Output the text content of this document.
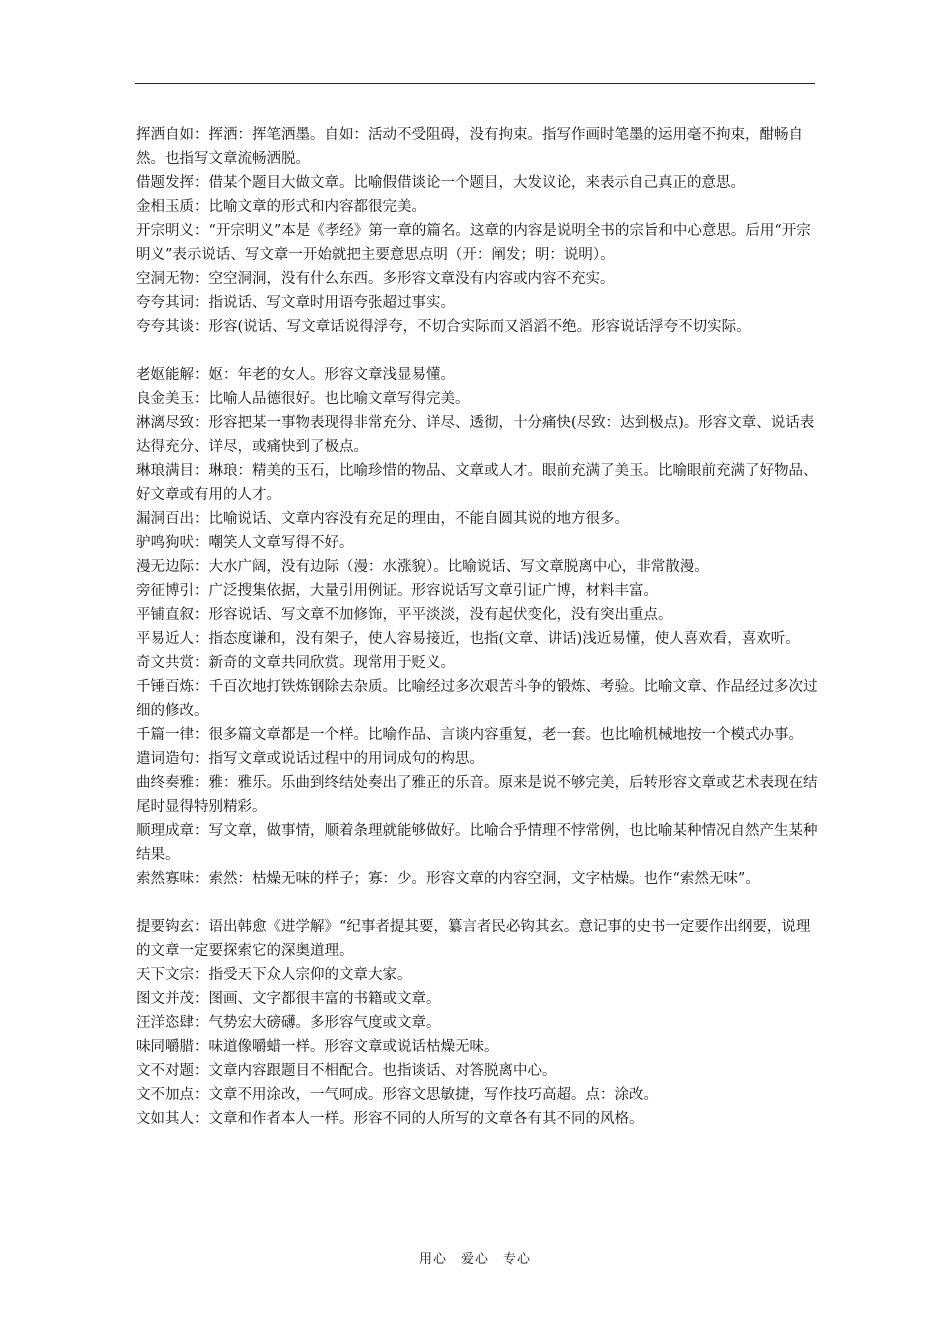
挥洒自如：挥洒：挥笔洒墨。自如：活动不受阻碍，没有拘束。指写作画时笔墨的运用毫不拘束，酣畅自然。也指写文章流畅洒脱。

借题发挥：借某个题目大做文章。比喻假借谈论一个题目，大发议论，来表示自己真正的意思。

金相玉质：比喻文章的形式和内容都很完美。

开宗明义：“开宗明义”本是《孝经》第一章的篇名。这章的内容是说明全书的宗旨和中心意思。后用“开宗明义”表示说话、写文章一开始就把主要意思点明（开：阐发；明：说明）。

空洞无物：空空洞洞，没有什么东西。多形容文章没有内容或内容不充实。

夸夸其词：指说话、写文章时用语夸张超过事实。

夸夸其谈：形容(说话、写文章话说得浮夸，不切合实际而又滔滔不绝。形容说话浮夸不切实际。

老妪能解：妪：年老的女人。形容文章浅显易懂。

良金美玉：比喻人品德很好。也比喻文章写得完美。

淋漓尽致：形容把某一事物表现得非常充分、详尽、透彻，十分痛快(尽致：达到极点)。形容文章、说话表达得充分、详尽，或痛快到了极点。

琳琅满目：琳琅：精美的玉石，比喻珍惜的物品、文章或人才。眼前充满了美玉。比喻眼前充满了好物品、好文章或有用的人才。

漏洞百出：比喻说话、文章内容没有充足的理由，不能自圆其说的地方很多。

驴鸣狗吠：嘲笑人文章写得不好。

漫无边际：大水广阔，没有边际（漫：水涨貌）。比喻说话、写文章脱离中心，非常散漫。

旁征博引：广泛搜集依据，大量引用例证。形容说话写文章引证广博，材料丰富。

平铺直叙：形容说话、写文章不加修饰，平平淡淡，没有起伏变化，没有突出重点。

平易近人：指态度谦和，没有架子，使人容易接近，也指(文章、讲话)浅近易懂，使人喜欢看，喜欢听。

奇文共赏：新奇的文章共同欣赏。现常用于贬义。

千锤百炼：千百次地打铁炼钢除去杂质。比喻经过多次艰苦斗争的锻炼、考验。比喻文章、作品经过多次过细的修改。

千篇一律：很多篇文章都是一个样。比喻作品、言谈内容重复，老一套。也比喻机械地按一个模式办事。

遣词造句：指写文章或说话过程中的用词成句的构思。

曲终奏雅：雅：雅乐。乐曲到终结处奏出了雅正的乐音。原来是说不够完美，后转形容文章或艺术表现在结尾时显得特别精彩。

顺理成章：写文章，做事情，顺着条理就能够做好。比喻合乎情理不悖常例，也比喻某种情况自然产生某种结果。

索然寡味：索然：枯燥无味的样子；寡：少。形容文章的内容空洞，文字枯燥。也作“索然无味”。

提要钩玄：语出韩愈《进学解》“纪事者提其要，纂言者民必钩其玄。意记事的史书一定要作出纲要，说理的文章一定要探索它的深奥道理。

天下文宗：指受天下众人宗仰的文章大家。

图文并茂：图画、文字都很丰富的书籍或文章。

汪洋恣肆：气势宏大磅礴。多形容气度或文章。

味同嚼腊：味道像嚼蜡一样。形容文章或说话枯燥无味。

文不对题：文章内容跟题目不相配合。也指谈话、对答脱离中心。

文不加点：文章不用涂改，一气呵成。形容文思敏捷，写作技巧高超。点：涂改。

文如其人：文章和作者本人一样。形容不同的人所写的文章各有其不同的风格。

用心　爱心　专心
